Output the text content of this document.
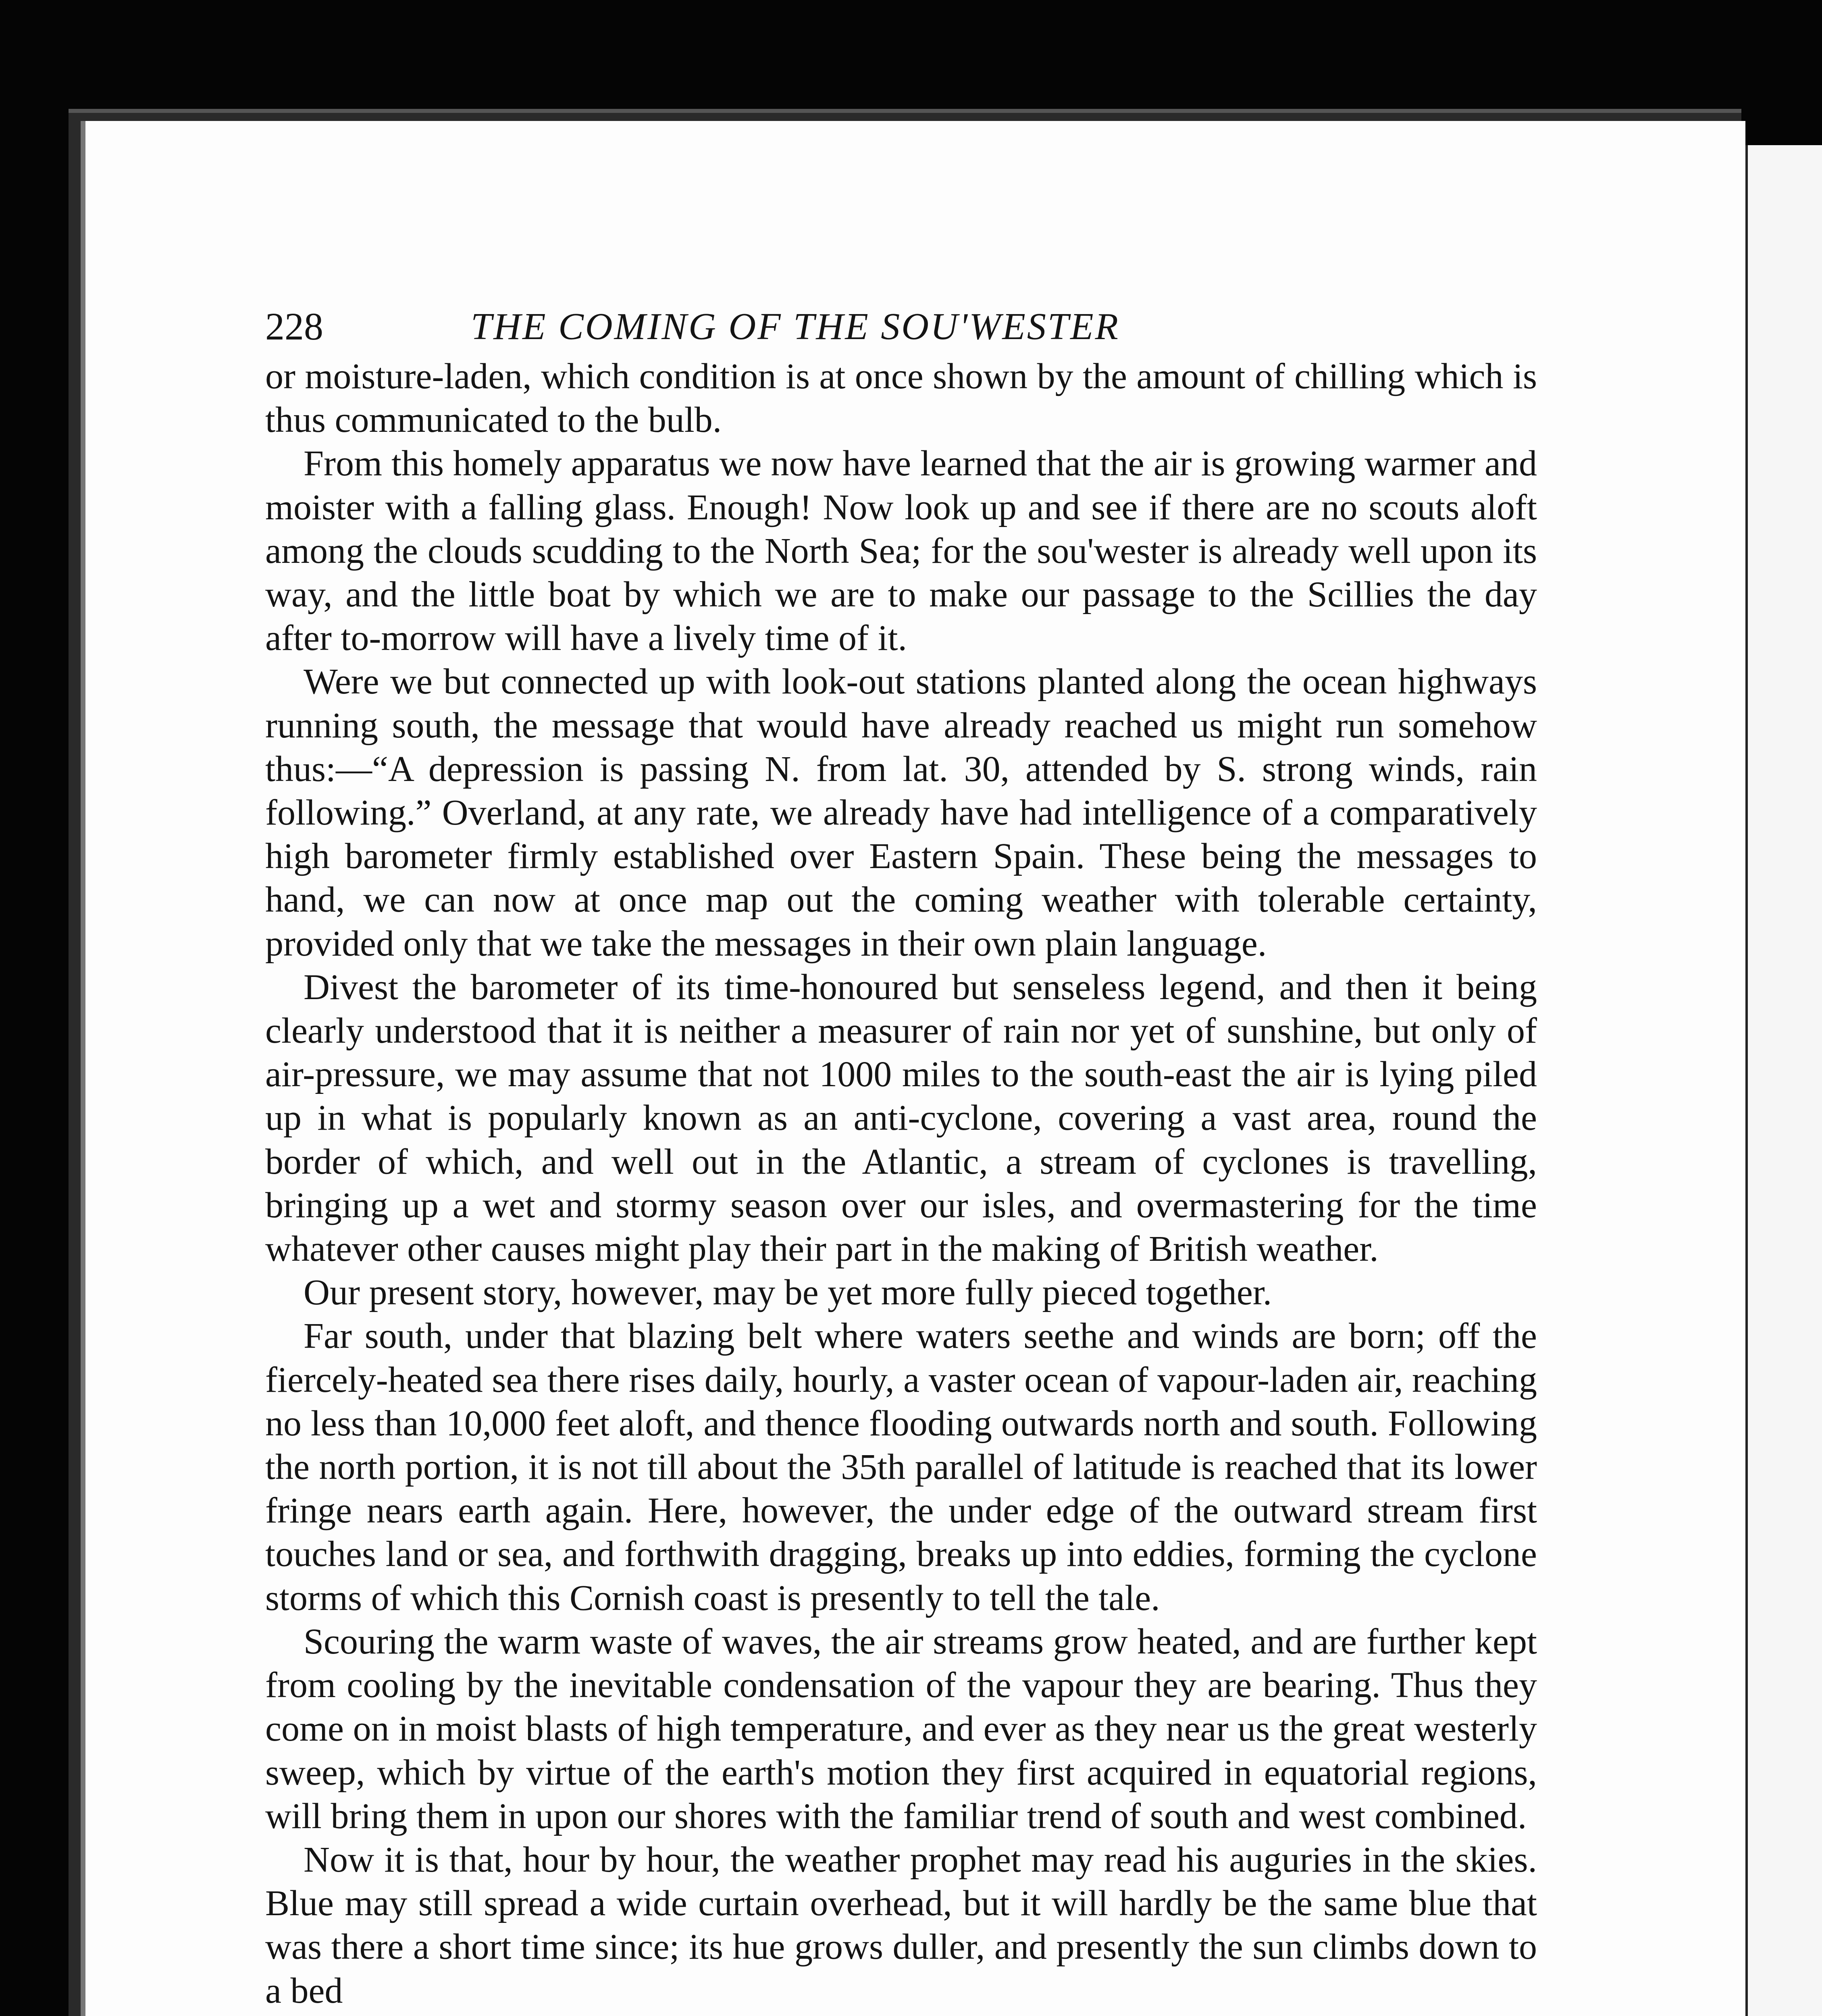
228	THE COMING OF THE SOU'WESTER

or moisture-laden, which condition is at once shown by the amount of chilling which is thus communicated to the bulb.

From this homely apparatus we now have learned that the air is growing warmer and moister with a falling glass. Enough! Now look up and see if there are no scouts aloft among the clouds scudding to the North Sea; for the sou'wester is already well upon its way, and the little boat by which we are to make our passage to the Scillies the day after to-morrow will have a lively time of it.

Were we but connected up with look-out stations planted along the ocean highways running south, the message that would have already reached us might run somehow thus:—“A depression is passing N. from lat. 30, attended by S. strong winds, rain following.” Overland, at any rate, we already have had intelligence of a comparatively high barometer firmly established over Eastern Spain. These being the messages to hand, we can now at once map out the coming weather with tolerable certainty, provided only that we take the messages in their own plain language.

Divest the barometer of its time-honoured but senseless legend, and then it being clearly understood that it is neither a measurer of rain nor yet of sunshine, but only of air-pressure, we may assume that not 1000 miles to the south-east the air is lying piled up in what is popularly known as an anti-cyclone, covering a vast area, round the border of which, and well out in the Atlantic, a stream of cyclones is travelling, bringing up a wet and stormy season over our isles, and overmastering for the time whatever other causes might play their part in the making of British weather.

Our present story, however, may be yet more fully pieced together.

Far south, under that blazing belt where waters seethe and winds are born; off the fiercely-heated sea there rises daily, hourly, a vaster ocean of vapour-laden air, reaching no less than 10,000 feet aloft, and thence flooding outwards north and south. Following the north portion, it is not till about the 35th parallel of latitude is reached that its lower fringe nears earth again. Here, however, the under edge of the outward stream first touches land or sea, and forthwith dragging, breaks up into eddies, forming the cyclone storms of which this Cornish coast is presently to tell the tale.

Scouring the warm waste of waves, the air streams grow heated, and are further kept from cooling by the inevitable condensation of the vapour they are bearing. Thus they come on in moist blasts of high temperature, and ever as they near us the great westerly sweep, which by virtue of the earth's motion they first acquired in equatorial regions, will bring them in upon our shores with the familiar trend of south and west combined.

Now it is that, hour by hour, the weather prophet may read his auguries in the skies. Blue may still spread a wide curtain overhead, but it will hardly be the same blue that was there a short time since; its hue grows duller, and presently the sun climbs down to a bed
